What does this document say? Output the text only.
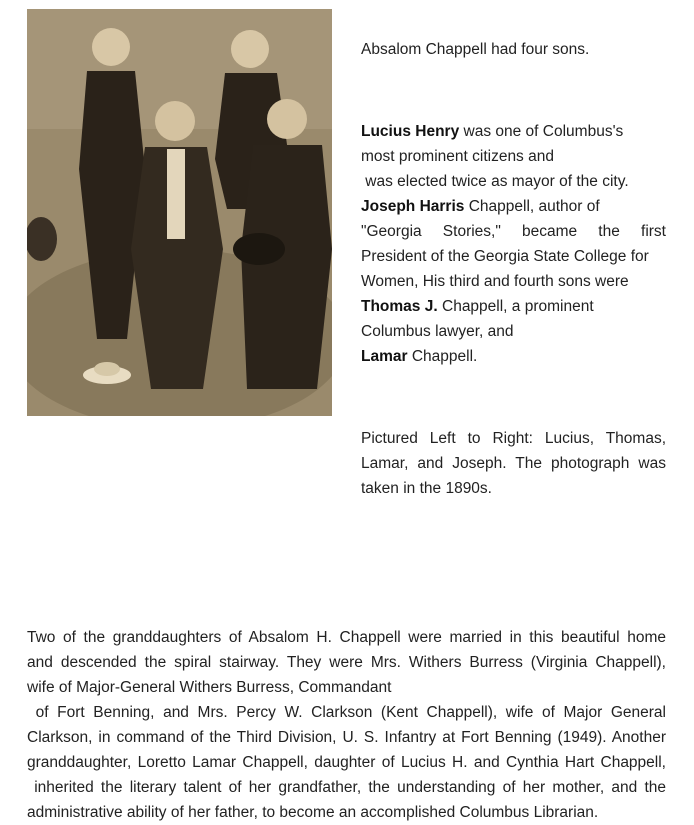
Absalom Chappell had four sons.

Lucius Henry was one of Columbus's
most prominent citizens and
was elected twice as mayor of the city.
Joseph Harris Chappell, author of
"Georgia Stories," became the first
President of the Georgia State College for
Women, His third and fourth sons were
Thomas J. Chappell, a prominent
Columbus lawyer, and
Lamar Chappell.

Pictured Left to Right: Lucius, Thomas, Lamar, and Joseph. The photograph was taken in the 1890s.

Two of the granddaughters of Absalom H. Chappell were married in this beautiful home
and descended the spiral stairway. They were Mrs. Withers Burress (Virginia Chappell),
wife of Major-General Withers Burress, Commandant
of Fort Benning, and Mrs. Percy W. Clarkson (Kent Chappell), wife of Major General
Clarkson, in command of the Third Division, U. S. Infantry at Fort Benning (1949). Another
granddaughter, Loretto Lamar Chappell, daughter of Lucius H. and Cynthia Hart Chappell,
inherited the literary talent of her grandfather, the understanding of her mother, and the
administrative ability of her father, to become an accomplished Columbus Librarian.
